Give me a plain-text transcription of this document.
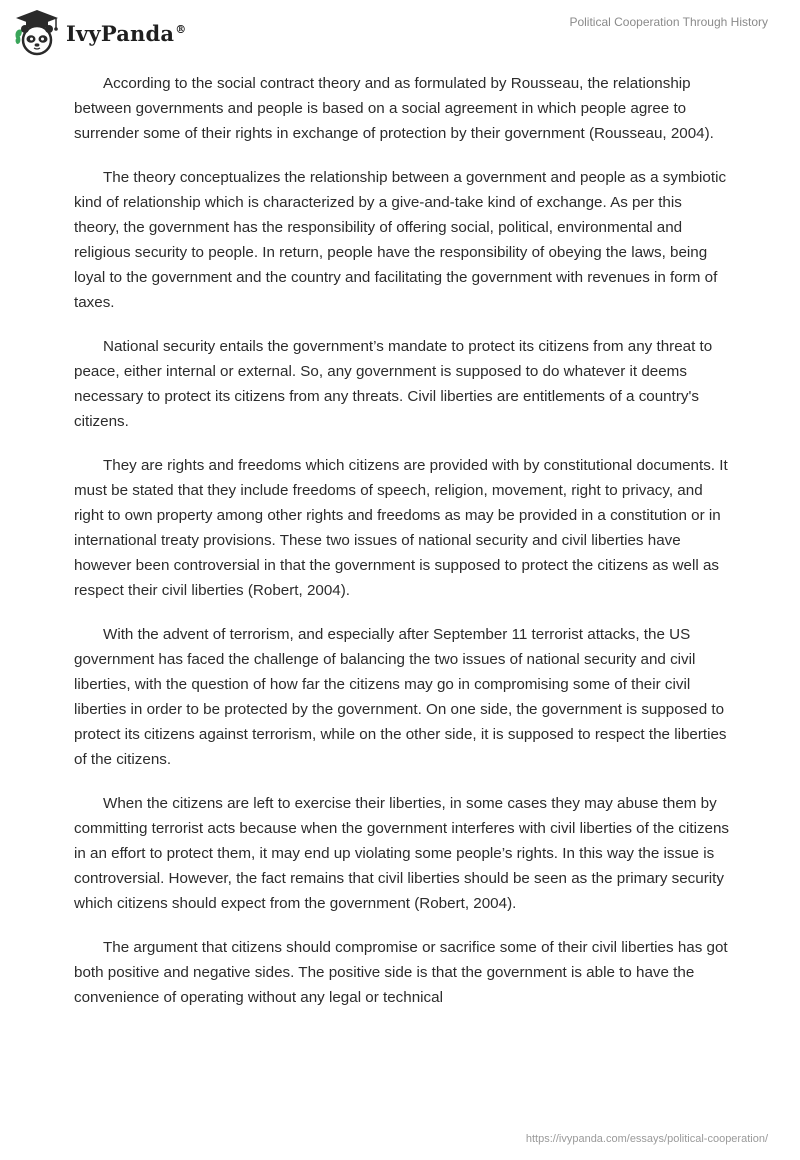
IvyPanda®	Political Cooperation Through History

According to the social contract theory and as formulated by Rousseau, the relationship between governments and people is based on a social agreement in which people agree to surrender some of their rights in exchange of protection by their government (Rousseau, 2004).

The theory conceptualizes the relationship between a government and people as a symbiotic kind of relationship which is characterized by a give-and-take kind of exchange. As per this theory, the government has the responsibility of offering social, political, environmental and religious security to people. In return, people have the responsibility of obeying the laws, being loyal to the government and the country and facilitating the government with revenues in form of taxes.

National security entails the government’s mandate to protect its citizens from any threat to peace, either internal or external. So, any government is supposed to do whatever it deems necessary to protect its citizens from any threats. Civil liberties are entitlements of a country's citizens.

They are rights and freedoms which citizens are provided with by constitutional documents. It must be stated that they include freedoms of speech, religion, movement, right to privacy, and right to own property among other rights and freedoms as may be provided in a constitution or in international treaty provisions. These two issues of national security and civil liberties have however been controversial in that the government is supposed to protect the citizens as well as respect their civil liberties (Robert, 2004).

With the advent of terrorism, and especially after September 11 terrorist attacks, the US government has faced the challenge of balancing the two issues of national security and civil liberties, with the question of how far the citizens may go in compromising some of their civil liberties in order to be protected by the government. On one side, the government is supposed to protect its citizens against terrorism, while on the other side, it is supposed to respect the liberties of the citizens.

When the citizens are left to exercise their liberties, in some cases they may abuse them by committing terrorist acts because when the government interferes with civil liberties of the citizens in an effort to protect them, it may end up violating some people’s rights. In this way the issue is controversial. However, the fact remains that civil liberties should be seen as the primary security which citizens should expect from the government (Robert, 2004).

The argument that citizens should compromise or sacrifice some of their civil liberties has got both positive and negative sides. The positive side is that the government is able to have the convenience of operating without any legal or technical

https://ivypanda.com/essays/political-cooperation/
